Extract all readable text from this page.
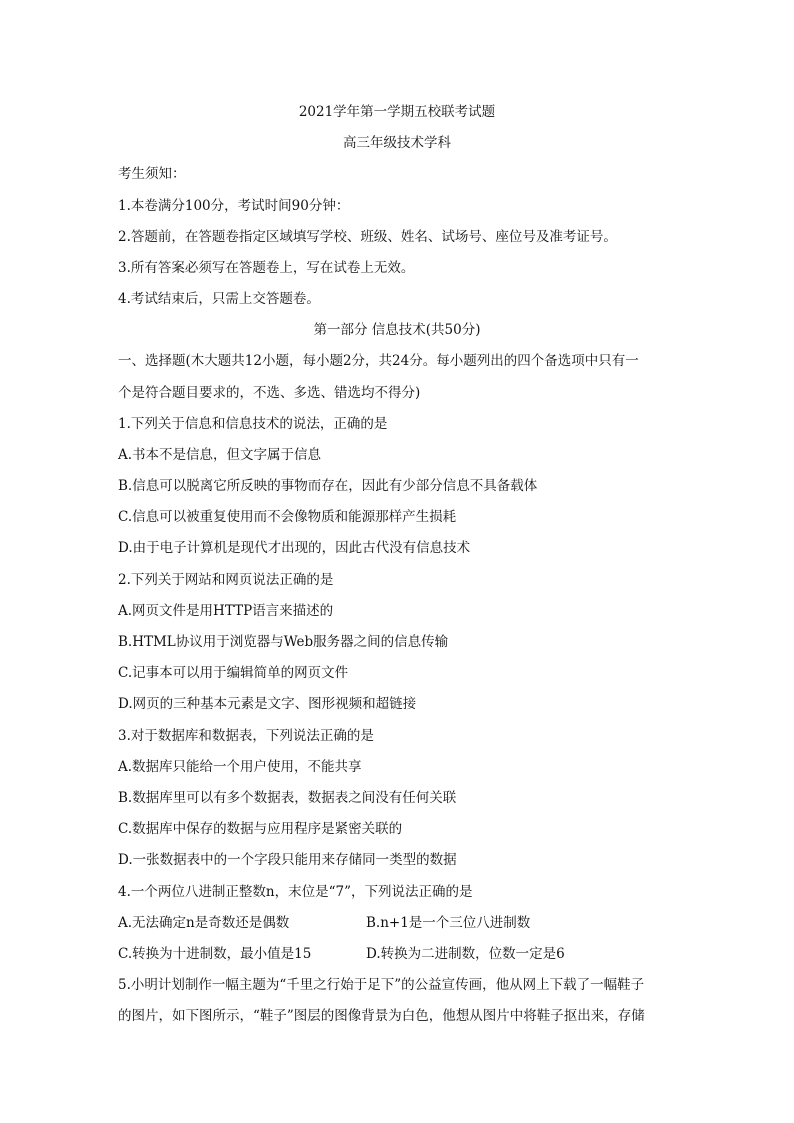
2021学年第一学期五校联考试题
高三年级技术学科
考生须知：
1.本卷满分100分，考试时间90分钟：
2.答题前，在答题卷指定区域填写学校、班级、姓名、试场号、座位号及准考证号。
3.所有答案必须写在答题卷上，写在试卷上无效。
4.考试结束后，只需上交答题卷。
第一部分 信息技术(共50分)
一、选择题(木大题共12小题，每小题2分，共24分。每小题列出的四个备选项中只有一
个是符合题目要求的，不选、多选、错选均不得分)
1.下列关于信息和信息技术的说法，正确的是
A.书本不是信息，但文字属于信息
B.信息可以脱离它所反映的事物而存在，因此有少部分信息不具备载体
C.信息可以被重复使用而不会像物质和能源那样产生损耗
D.由于电子计算机是现代才出现的，因此古代没有信息技术
2.下列关于网站和网页说法正确的是
A.网页文件是用HTTP语言来描述的
B.HTML协议用于浏览器与Web服务器之间的信息传输
C.记事本可以用于编辑简单的网页文件
D.网页的三种基本元素是文字、图形视频和超链接
3.对于数据库和数据表，下列说法正确的是
A.数据库只能给一个用户使用，不能共享
B.数据库里可以有多个数据表，数据表之间没有任何关联
C.数据库中保存的数据与应用程序是紧密关联的
D.一张数据表中的一个字段只能用来存储同一类型的数据
4.一个两位八进制正整数n，末位是“7”，下列说法正确的是
A.无法确定n是奇数还是偶数	B.n+1是一个三位八进制数
C.转换为十进制数，最小值是15	D.转换为二进制数，位数一定是6
5.小明计划制作一幅主题为“千里之行始于足下”的公益宣传画，他从网上下载了一幅鞋子
的图片，如下图所示，“鞋子”图层的图像背景为白色，他想从图片中将鞋子抠出来，存储
